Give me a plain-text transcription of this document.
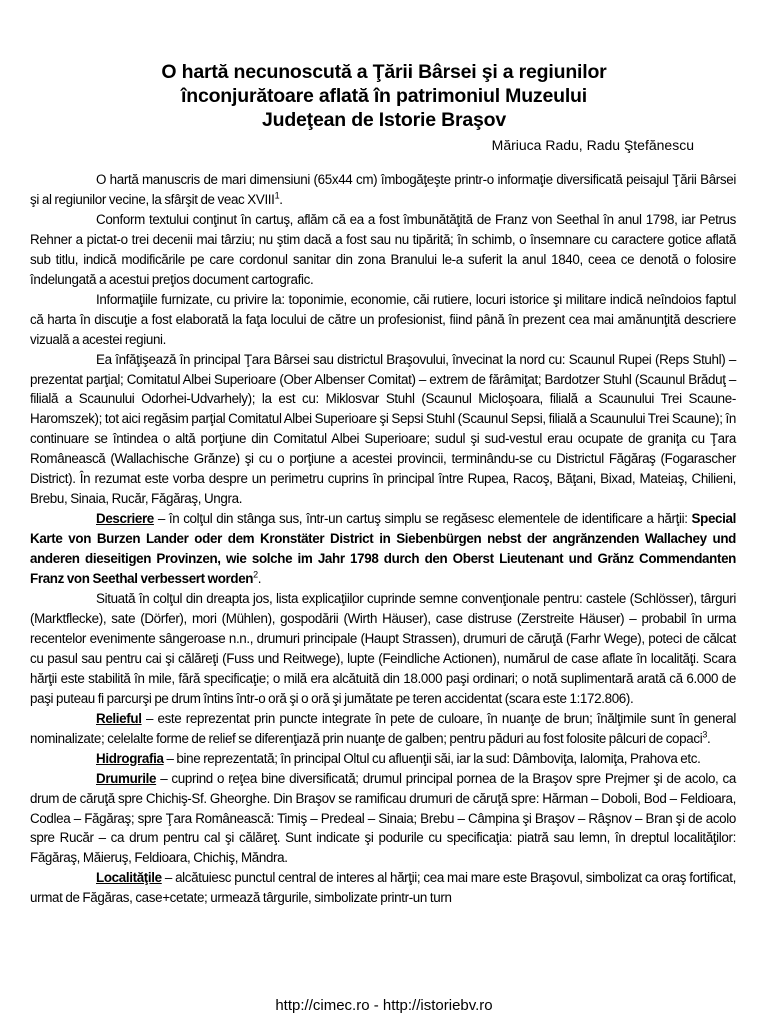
O hartă necunoscută a Ţării Bârsei şi a regiunilor
înconjurătoare aflată în patrimoniul Muzeului
Judeţean de Istorie Braşov
Măriuca Radu, Radu Ştefănescu

O hartă manuscris de mari dimensiuni (65x44 cm) îmbogăţeşte printr-o informaţie diversificată peisajul Ţării Bârsei şi al regiunilor vecine, la sfârşit de veac XVIII$^1$.

Conform textului conţinut în cartuş, aflăm că ea a fost îmbunătăţită de Franz von Seethal în anul 1798, iar Petrus Rehner a pictat-o trei decenii mai târziu; nu ştim dacă a fost sau nu tipărită; în schimb, o însemnare cu caractere gotice aflată sub titlu, indică modificările pe care cordonul sanitar din zona Branului le-a suferit la anul 1840, ceea ce denotă o folosire îndelungată a acestui preţios document cartografic.

Informaţiile furnizate, cu privire la: toponimie, economie, căi rutiere, locuri istorice şi militare indică neîndoios faptul că harta în discuţie a fost elaborată la faţa locului de către un profesionist, fiind până în prezent cea mai amănunţită descriere vizuală a acestei regiuni.

Ea înfăţişează în principal Ţara Bârsei sau districtul Braşovului, învecinat la nord cu: Scaunul Rupei (Reps Stuhl) – prezentat parţial; Comitatul Albei Superioare (Ober Albenser Comitat) – extrem de fărâmiţat; Bardotzer Stuhl (Scaunul Brăduţ – filială a Scaunului Odorhei-Udvarhely); la est cu: Miklosvar Stuhl (Scaunul Micloşoara, filială a Scaunului Trei Scaune-Haromszek); tot aici regăsim parţial Comitatul Albei Superioare şi Sepsi Stuhl (Scaunul Sepsi, filială a Scaunului Trei Scaune); în continuare se întindea o altă porţiune din Comitatul Albei Superioare; sudul şi sud-vestul erau ocupate de graniţa cu Ţara Românească (Wallachische Grănze) şi cu o porţiune a acestei provincii, terminându-se cu Districtul Făgăraş (Fogarascher District). În rezumat este vorba despre un perimetru cuprins în principal între Rupea, Racoş, Băţani, Bixad, Mateiaş, Chilieni, Brebu, Sinaia, Rucăr, Făgăraş, Ungra.

Descriere – în colţul din stânga sus, într-un cartuş simplu se regăsesc elementele de identificare a hărţii: Special Karte von Burzen Lander oder dem Kronstäter District in Siebenbürgen nebst der angrănzenden Wallachey und anderen dieseitigen Provinzen, wie solche im Jahr 1798 durch den Oberst Lieutenant und Grănz Commendanten Franz von Seethal verbessert worden$^2$.

Situată în colţul din dreapta jos, lista explicaţiilor cuprinde semne convenţionale pentru: castele (Schlösser), târguri (Marktflecke), sate (Dörfer), mori (Mühlen), gospodării (Wirth Häuser), case distruse (Zerstreite Häuser) – probabil în urma recentelor evenimente sângeroase n.n., drumuri principale (Haupt Strassen), drumuri de căruţă (Farhr Wege), poteci de călcat cu pasul sau pentru cai şi călăreţi (Fuss und Reitwege), lupte (Feindliche Actionen), numărul de case aflate în localităţi. Scara hărţii este stabilită în mile, fără specificaţie; o milă era alcătuită din 18.000 paşi ordinari; o notă suplimentară arată că 6.000 de paşi puteau fi parcurşi pe drum întins într-o oră şi o oră şi jumătate pe teren accidentat (scara este 1:172.806).

Relieful – este reprezentat prin puncte integrate în pete de culoare, în nuanţe de brun; înălţimile sunt în general nominalizate; celelalte forme de relief se diferenţiază prin nuanţe de galben; pentru păduri au fost folosite pâlcuri de copaci$^3$.

Hidrografia – bine reprezentată; în principal Oltul cu afluenţii săi, iar la sud: Dâmboviţa, Ialomiţa, Prahova etc.

Drumurile – cuprind o reţea bine diversificată; drumul principal pornea de la Braşov spre Prejmer şi de acolo, ca drum de căruţă spre Chichiş-Sf. Gheorghe. Din Braşov se ramificau drumuri de căruţă spre: Hărman – Doboli, Bod – Feldioara, Codlea – Făgăraş; spre Ţara Românească: Timiş – Predeal – Sinaia; Brebu – Câmpina şi Braşov – Râşnov – Bran şi de acolo spre Rucăr – ca drum pentru cal şi călăreţ. Sunt indicate şi podurile cu specificaţia: piatră sau lemn, în dreptul localităţilor: Făgăraş, Măieruş, Feldioara, Chichiş, Măndra.

Localităţile – alcătuiesc punctul central de interes al hărţii; cea mai mare este Braşovul, simbolizat ca oraş fortificat, urmat de Făgăras, case+cetate; urmează târgurile, simbolizate printr-un turn

http://cimec.ro - http://istoriebv.ro
